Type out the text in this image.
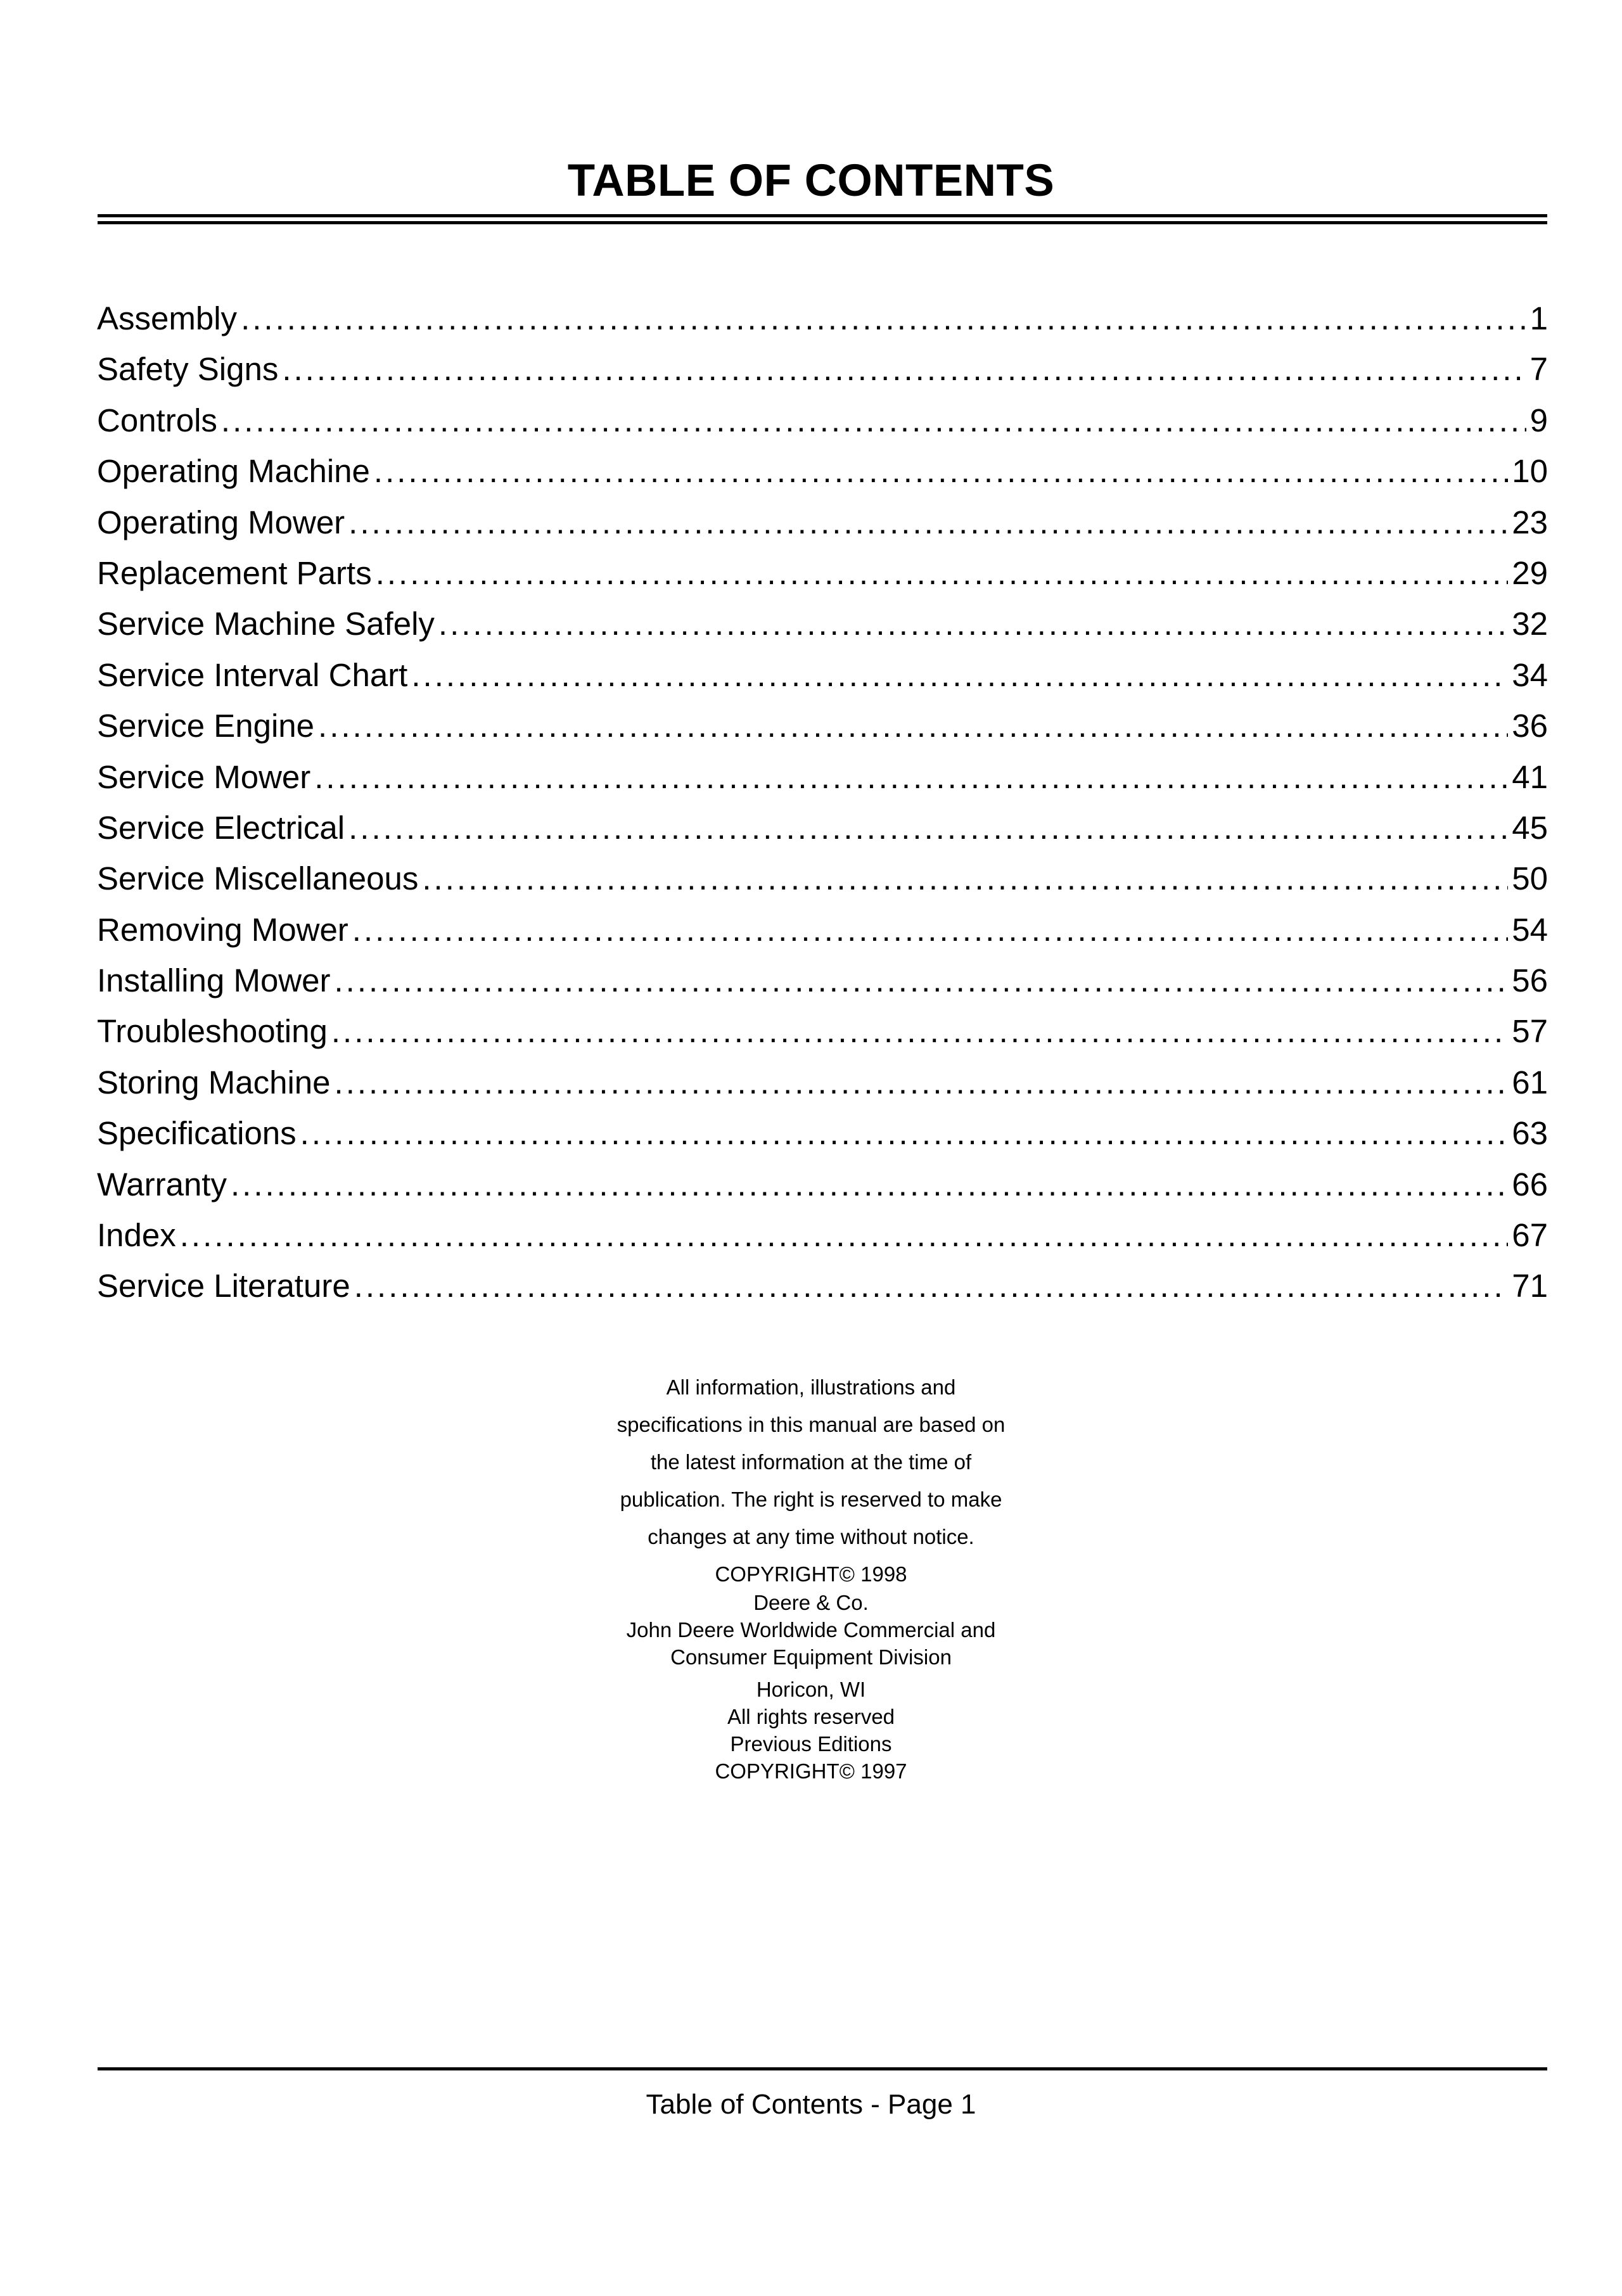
TABLE OF CONTENTS
Assembly .....	1
Safety Signs .....	7
Controls .....	9
Operating Machine .....	10
Operating Mower .....	23
Replacement Parts .....	29
Service Machine Safely .....	32
Service Interval Chart .....	34
Service Engine .....	36
Service Mower .....	41
Service Electrical .....	45
Service Miscellaneous .....	50
Removing Mower .....	54
Installing Mower .....	56
Troubleshooting .....	57
Storing Machine .....	61
Specifications .....	63
Warranty .....	66
Index .....	67
Service Literature .....	71
All information, illustrations and
specifications in this manual are based on
the latest information at the time of
publication. The right is reserved to make
changes at any time without notice.
COPYRIGHT© 1998
Deere & Co.
John Deere Worldwide Commercial and
Consumer Equipment Division
Horicon, WI
All rights reserved
Previous Editions
COPYRIGHT© 1997
Table of Contents - Page 1
